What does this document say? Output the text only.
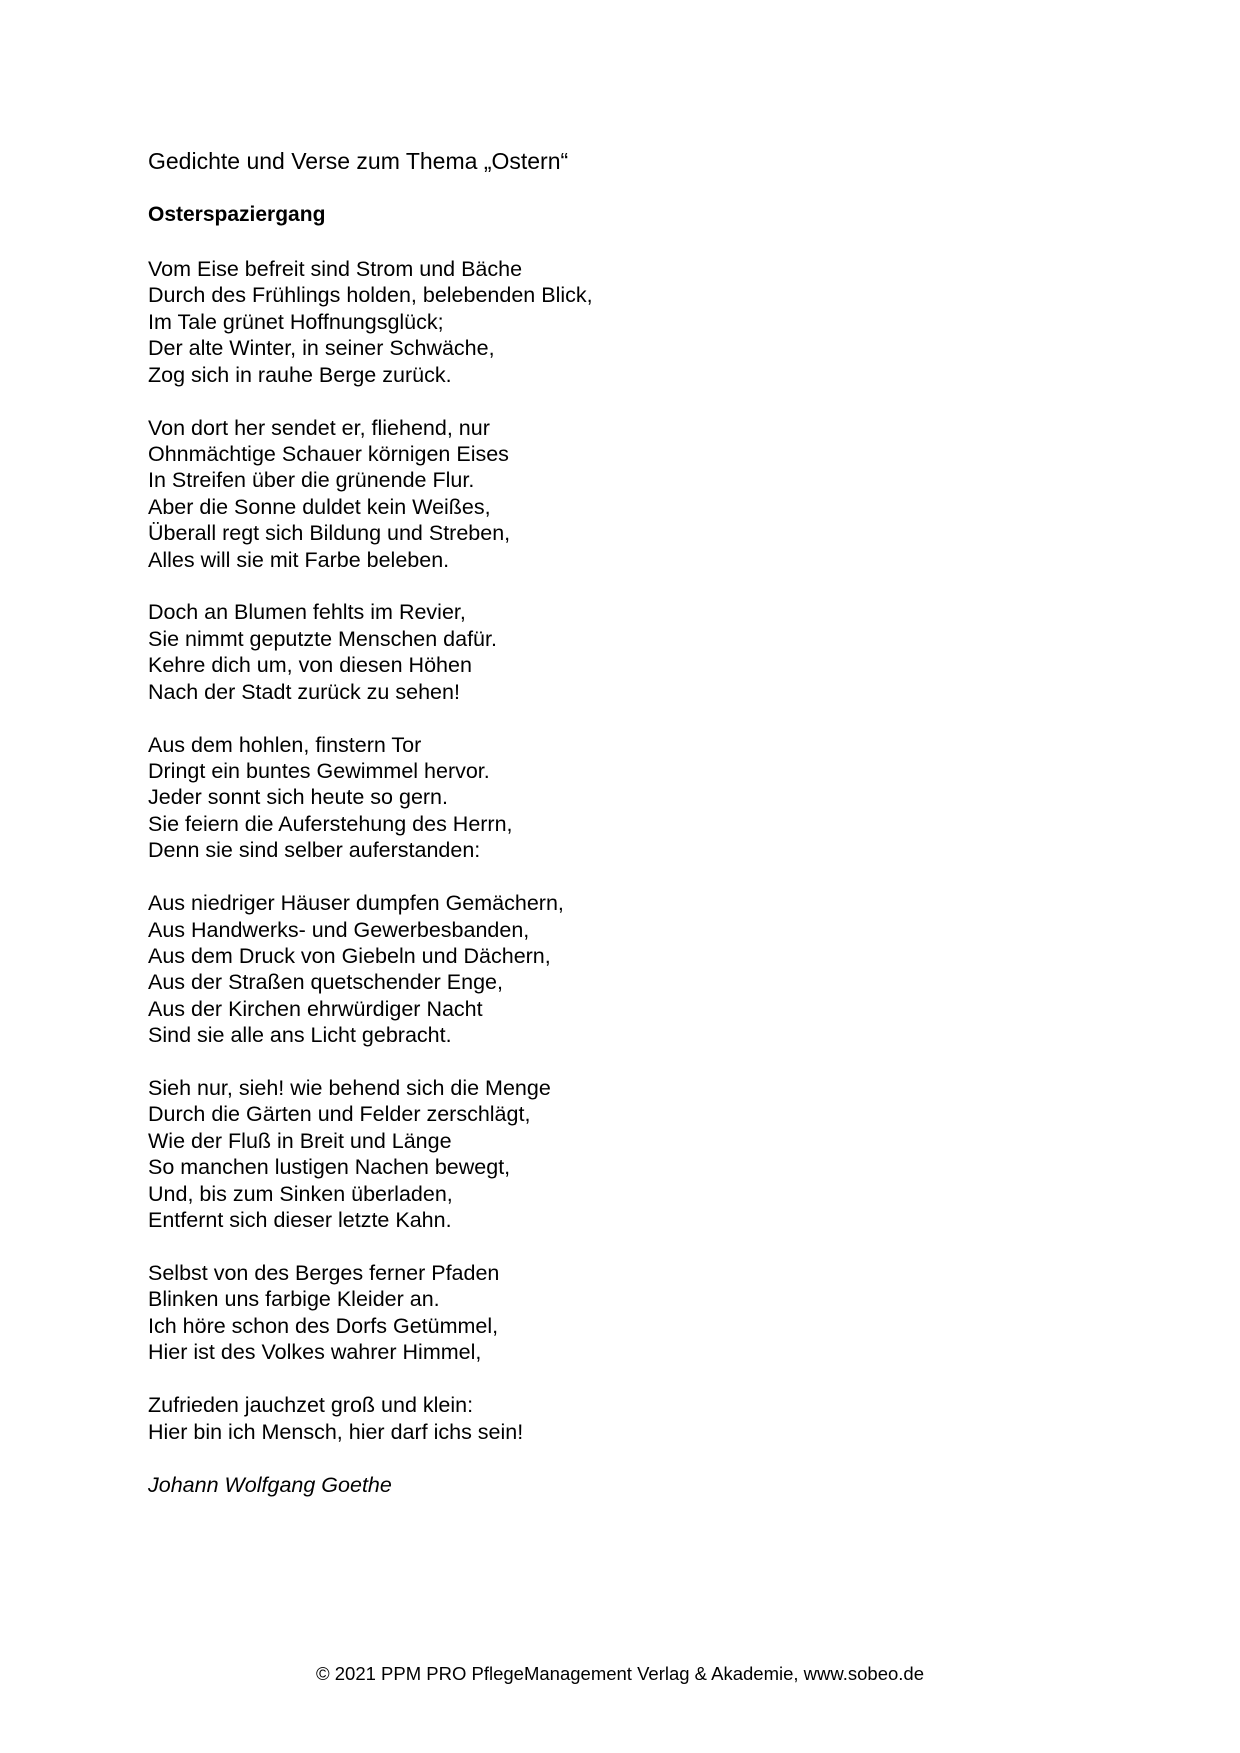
Gedichte und Verse zum Thema „Ostern“
Osterspaziergang
Vom Eise befreit sind Strom und Bäche
Durch des Frühlings holden, belebenden Blick,
Im Tale grünet Hoffnungsglück;
Der alte Winter, in seiner Schwäche,
Zog sich in rauhe Berge zurück.
Von dort her sendet er, fliehend, nur
Ohnmächtige Schauer körnigen Eises
In Streifen über die grünende Flur.
Aber die Sonne duldet kein Weißes,
Überall regt sich Bildung und Streben,
Alles will sie mit Farbe beleben.
Doch an Blumen fehlts im Revier,
Sie nimmt geputzte Menschen dafür.
Kehre dich um, von diesen Höhen
Nach der Stadt zurück zu sehen!
Aus dem hohlen, finstern Tor
Dringt ein buntes Gewimmel hervor.
Jeder sonnt sich heute so gern.
Sie feiern die Auferstehung des Herrn,
Denn sie sind selber auferstanden:
Aus niedriger Häuser dumpfen Gemächern,
Aus Handwerks- und Gewerbesbanden,
Aus dem Druck von Giebeln und Dächern,
Aus der Straßen quetschender Enge,
Aus der Kirchen ehrwürdiger Nacht
Sind sie alle ans Licht gebracht.
Sieh nur, sieh! wie behend sich die Menge
Durch die Gärten und Felder zerschlägt,
Wie der Fluß in Breit und Länge
So manchen lustigen Nachen bewegt,
Und, bis zum Sinken überladen,
Entfernt sich dieser letzte Kahn.
Selbst von des Berges ferner Pfaden
Blinken uns farbige Kleider an.
Ich höre schon des Dorfs Getümmel,
Hier ist des Volkes wahrer Himmel,
Zufrieden jauchzet groß und klein:
Hier bin ich Mensch, hier darf ichs sein!
Johann Wolfgang Goethe
© 2021 PPM PRO PflegeManagement Verlag & Akademie, www.sobeo.de
